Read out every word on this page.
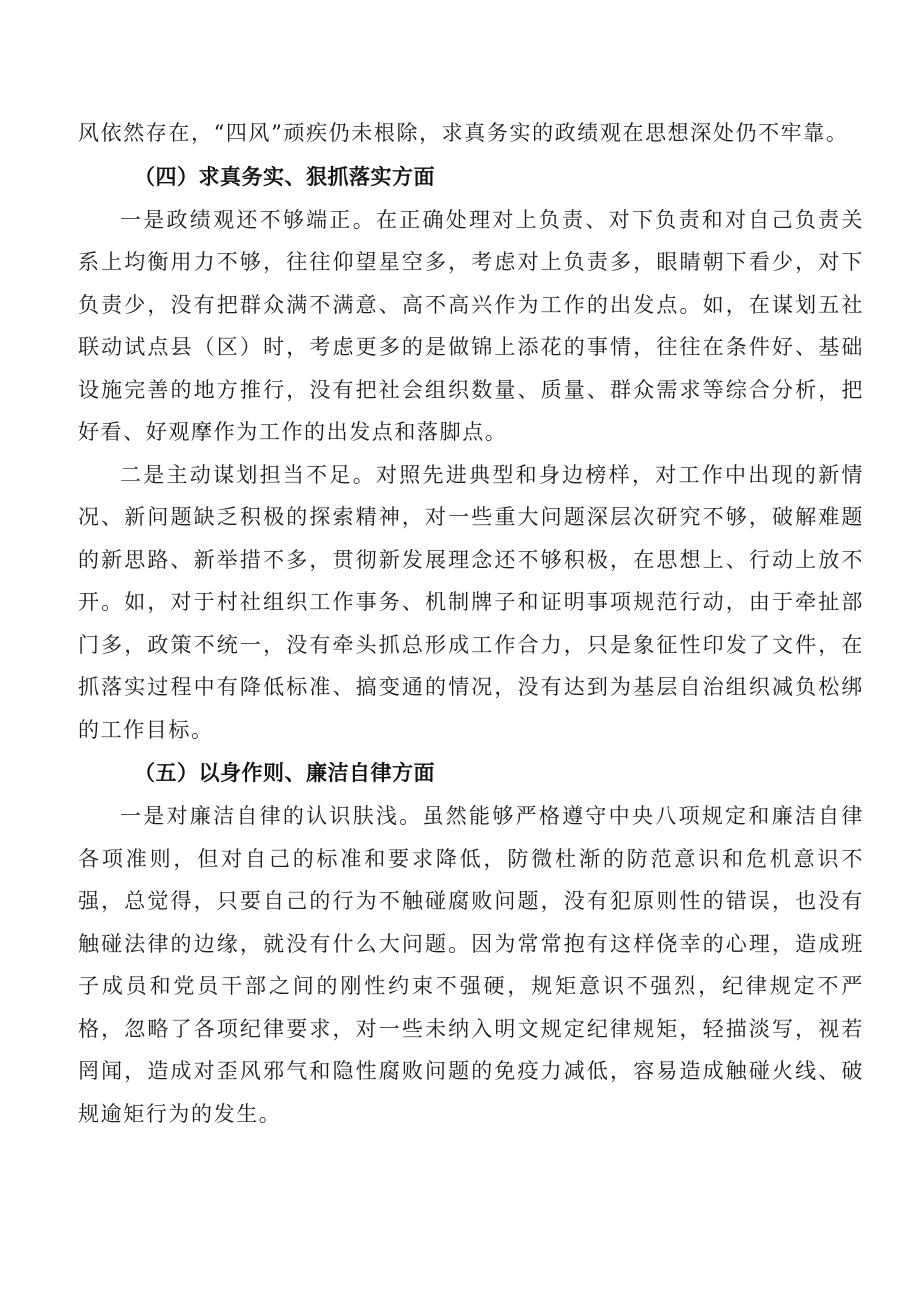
风依然存在，“四风”顽疾仍未根除，求真务实的政绩观在思想深处仍不牢靠。

（四）求真务实、狠抓落实方面

一是政绩观还不够端正。在正确处理对上负责、对下负责和对自己负责关系上均衡用力不够，往往仰望星空多，考虑对上负责多，眼睛朝下看少，对下负责少，没有把群众满不满意、高不高兴作为工作的出发点。如，在谋划五社联动试点县（区）时，考虑更多的是做锦上添花的事情，往往在条件好、基础设施完善的地方推行，没有把社会组织数量、质量、群众需求等综合分析，把好看、好观摩作为工作的出发点和落脚点。

二是主动谋划担当不足。对照先进典型和身边榜样，对工作中出现的新情况、新问题缺乏积极的探索精神，对一些重大问题深层次研究不够，破解难题的新思路、新举措不多，贯彻新发展理念还不够积极，在思想上、行动上放不开。如，对于村社组织工作事务、机制牌子和证明事项规范行动，由于牵扯部门多，政策不统一，没有牵头抓总形成工作合力，只是象征性印发了文件，在抓落实过程中有降低标准、搞变通的情况，没有达到为基层自治组织减负松绑的工作目标。

（五）以身作则、廉洁自律方面

一是对廉洁自律的认识肤浅。虽然能够严格遵守中央八项规定和廉洁自律各项准则，但对自己的标准和要求降低，防微杜渐的防范意识和危机意识不强，总觉得，只要自己的行为不触碰腐败问题，没有犯原则性的错误，也没有触碰法律的边缘，就没有什么大问题。因为常常抱有这样侥幸的心理，造成班子成员和党员干部之间的刚性约束不强硬，规矩意识不强烈，纪律规定不严格，忽略了各项纪律要求，对一些未纳入明文规定纪律规矩，轻描淡写，视若罔闻，造成对歪风邪气和隐性腐败问题的免疫力减低，容易造成触碰火线、破规逾矩行为的发生。
